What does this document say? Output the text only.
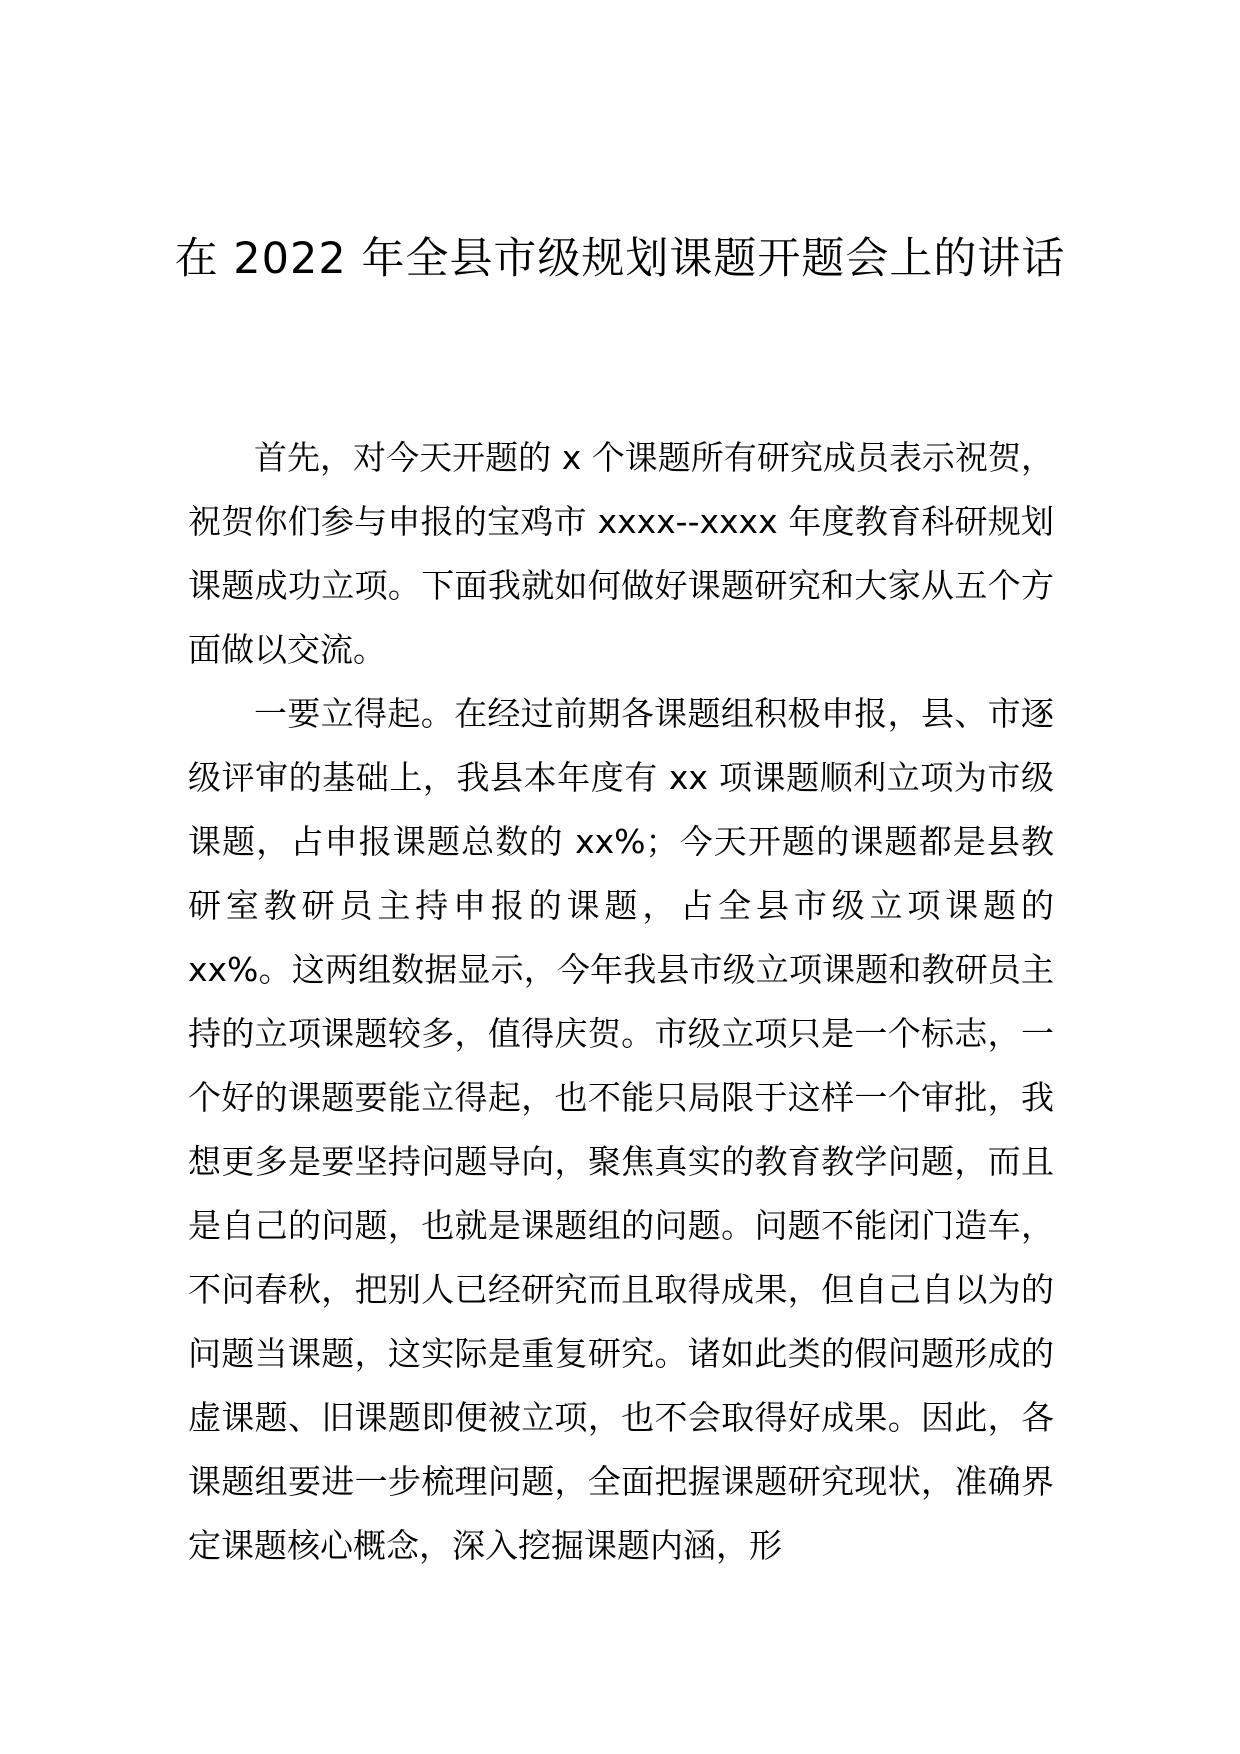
在 2022 年全县市级规划课题开题会上的讲话

首先，对今天开题的 x 个课题所有研究成员表示祝贺，祝贺你们参与申报的宝鸡市 xxxx--xxxx 年度教育科研规划课题成功立项。下面我就如何做好课题研究和大家从五个方面做以交流。

一要立得起。在经过前期各课题组积极申报，县、市逐级评审的基础上，我县本年度有 xx 项课题顺利立项为市级课题，占申报课题总数的 xx%；今天开题的课题都是县教研室教研员主持申报的课题，占全县市级立项课题的 xx%。这两组数据显示，今年我县市级立项课题和教研员主持的立项课题较多，值得庆贺。市级立项只是一个标志，一个好的课题要能立得起，也不能只局限于这样一个审批，我想更多是要坚持问题导向，聚焦真实的教育教学问题，而且是自己的问题，也就是课题组的问题。问题不能闭门造车，不问春秋，把别人已经研究而且取得成果，但自己自以为的问题当课题，这实际是重复研究。诸如此类的假问题形成的虚课题、旧课题即便被立项，也不会取得好成果。因此，各课题组要进一步梳理问题，全面把握课题研究现状，准确界定课题核心概念，深入挖掘课题内涵，形
